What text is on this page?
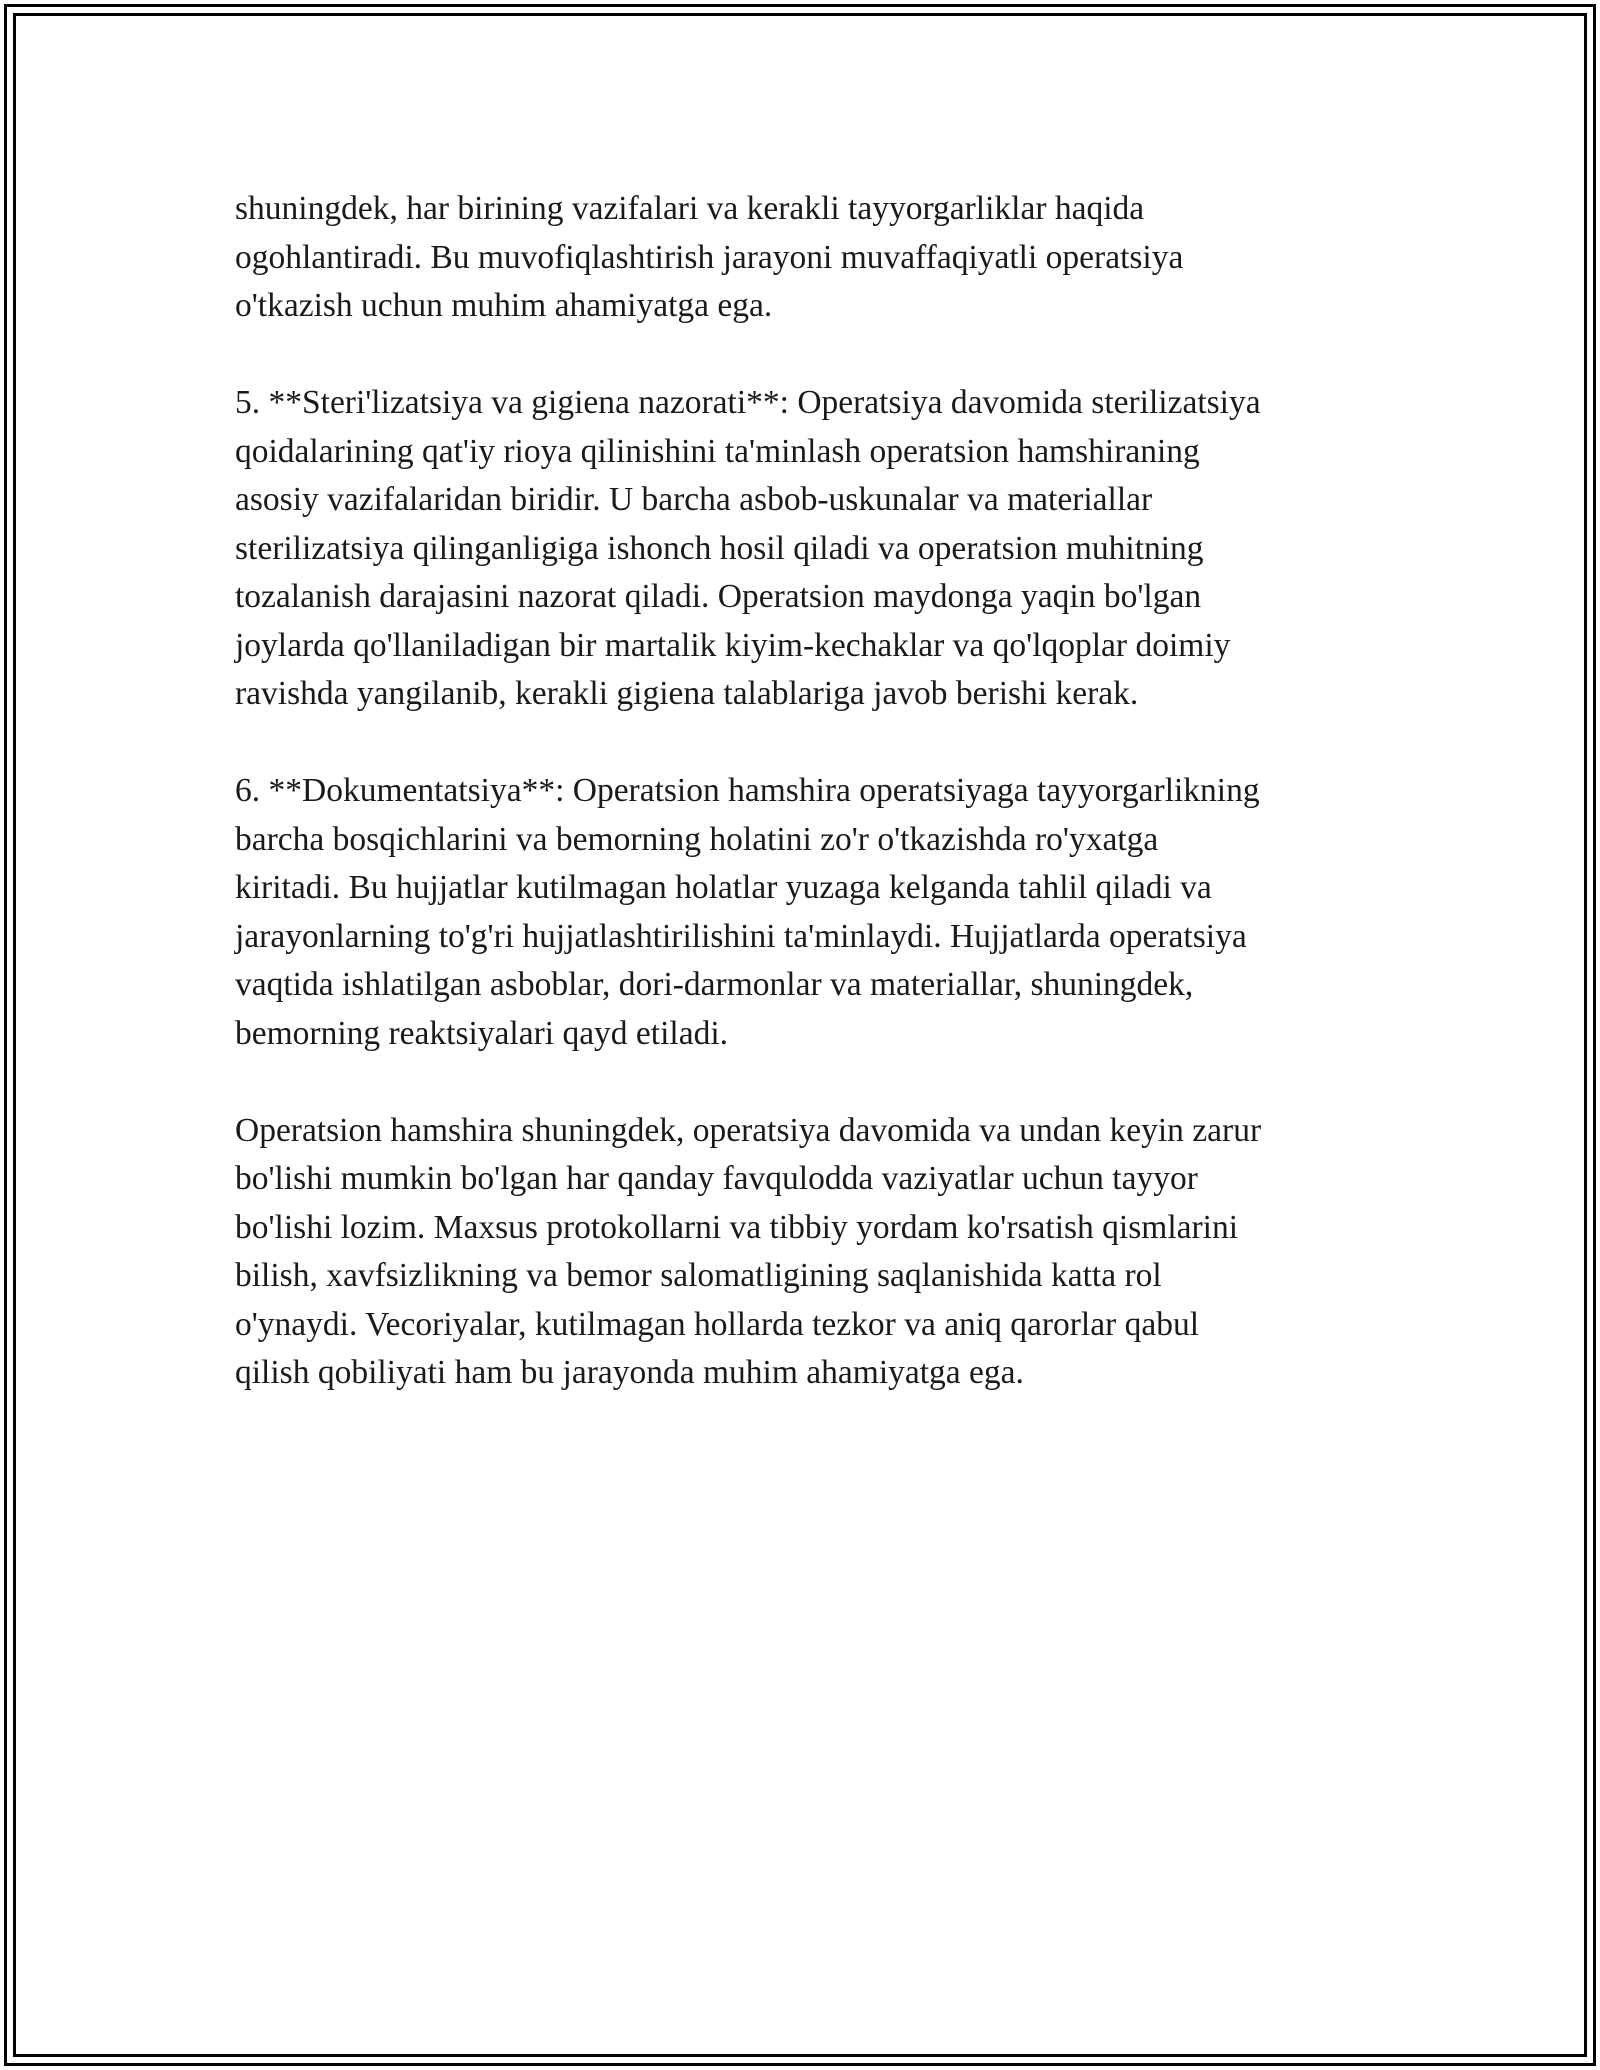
shuningdek, har birining vazifalari va kerakli tayyorgarliklar haqida
ogohlantiradi. Bu muvofiqlashtirish jarayoni muvaffaqiyatli operatsiya
o'tkazish uchun muhim ahamiyatga ega.

5. **Steri'lizatsiya va gigiena nazorati**: Operatsiya davomida sterilizatsiya
qoidalarining qat'iy rioya qilinishini ta'minlash operatsion hamshiraning
asosiy vazifalaridan biridir. U barcha asbob-uskunalar va materiallar
sterilizatsiya qilinganligiga ishonch hosil qiladi va operatsion muhitning
tozalanish darajasini nazorat qiladi. Operatsion maydonga yaqin bo'lgan
joylarda qo'llaniladigan bir martalik kiyim-kechaklar va qo'lqoplar doimiy
ravishda yangilanib, kerakli gigiena talablariga javob berishi kerak.

6. **Dokumentatsiya**: Operatsion hamshira operatsiyaga tayyorgarlikning
barcha bosqichlarini va bemorning holatini zo'r o'tkazishda ro'yxatga
kiritadi. Bu hujjatlar kutilmagan holatlar yuzaga kelganda tahlil qiladi va
jarayonlarning to'g'ri hujjatlashtirilishini ta'minlaydi. Hujjatlarda operatsiya
vaqtida ishlatilgan asboblar, dori-darmonlar va materiallar, shuningdek,
bemorning reaktsiyalari qayd etiladi.

Operatsion hamshira shuningdek, operatsiya davomida va undan keyin zarur
bo'lishi mumkin bo'lgan har qanday favqulodda vaziyatlar uchun tayyor
bo'lishi lozim. Maxsus protokollarni va tibbiy yordam ko'rsatish qismlarini
bilish, xavfsizlikning va bemor salomatligining saqlanishida katta rol
o'ynaydi. Vecoriyalar, kutilmagan hollarda tezkor va aniq qarorlar qabul
qilish qobiliyati ham bu jarayonda muhim ahamiyatga ega.
